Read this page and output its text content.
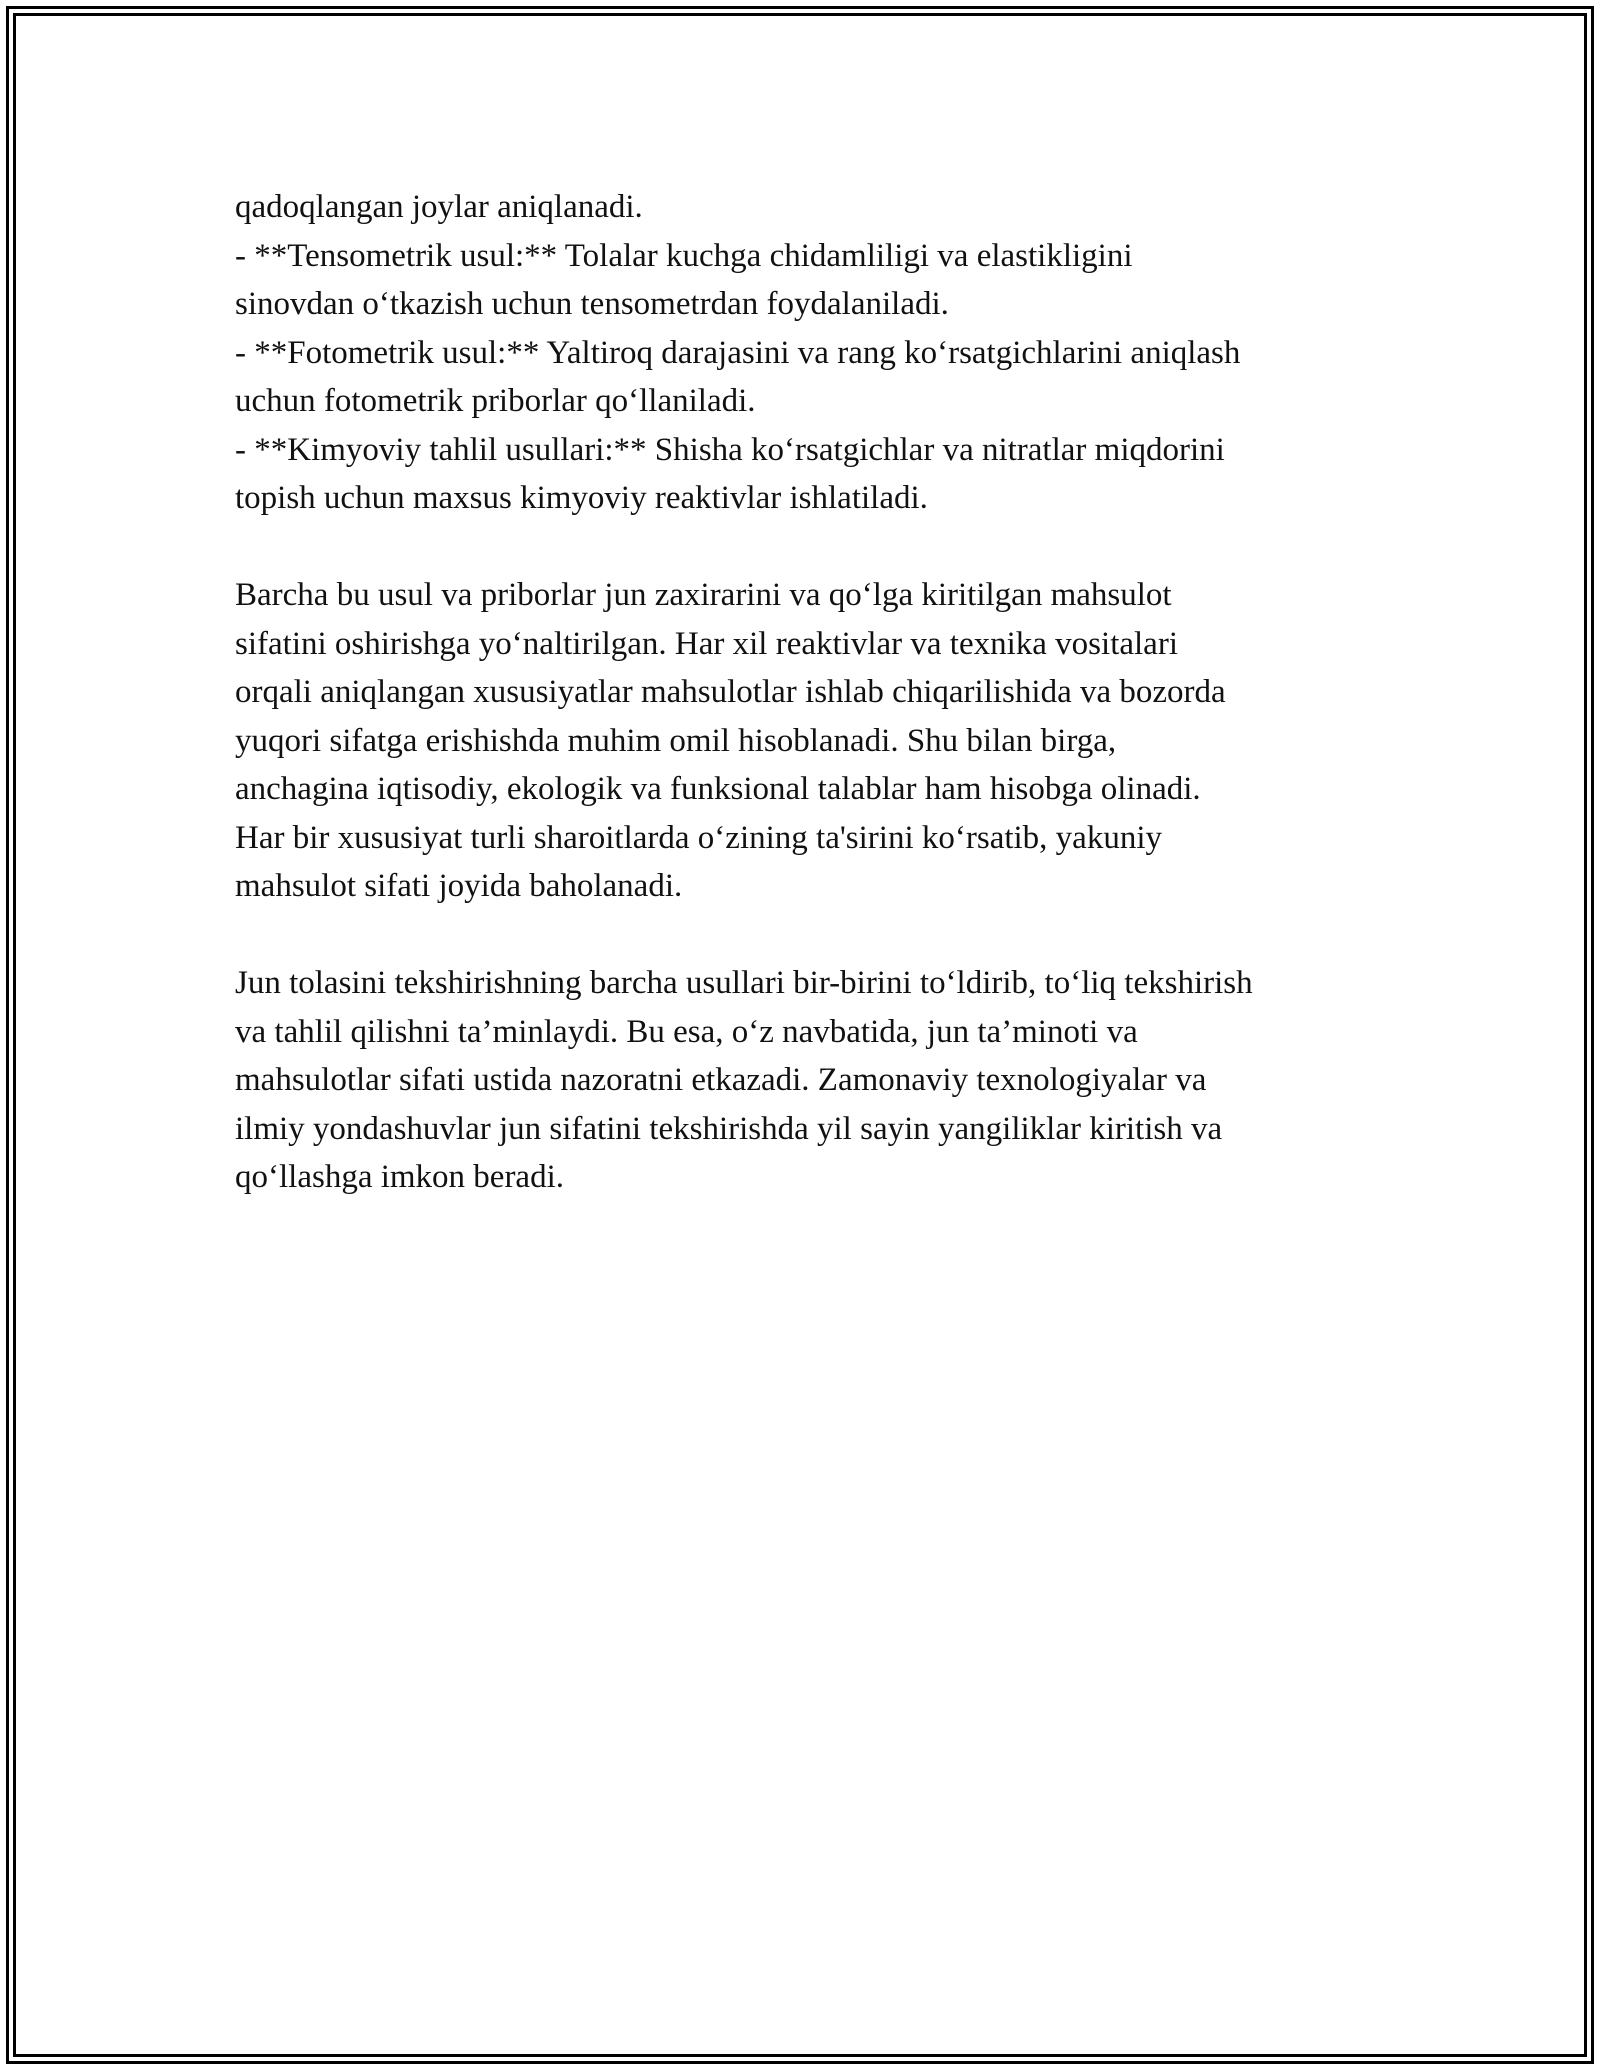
qadoqlangan joylar aniqlanadi.
- **Tensometrik usul:** Tolalar kuchga chidamliligi va elastikligini
sinovdan o‘tkazish uchun tensometrdan foydalaniladi.
- **Fotometrik usul:** Yaltiroq darajasini va rang ko‘rsatgichlarini aniqlash
uchun fotometrik priborlar qo‘llaniladi.
- **Kimyoviy tahlil usullari:** Shisha ko‘rsatgichlar va nitratlar miqdorini
topish uchun maxsus kimyoviy reaktivlar ishlatiladi.
Barcha bu usul va priborlar jun zaxirarini va qo‘lga kiritilgan mahsulot
sifatini oshirishga yo‘naltirilgan. Har xil reaktivlar va texnika vositalari
orqali aniqlangan xususiyatlar mahsulotlar ishlab chiqarilishida va bozorda
yuqori sifatga erishishda muhim omil hisoblanadi. Shu bilan birga,
anchagina iqtisodiy, ekologik va funksional talablar ham hisobga olinadi.
Har bir xususiyat turli sharoitlarda o‘zining ta'sirini ko‘rsatib, yakuniy
mahsulot sifati joyida baholanadi.
Jun tolasini tekshirishning barcha usullari bir-birini to‘ldirib, to‘liq tekshirish
va tahlil qilishni ta’minlaydi. Bu esa, o‘z navbatida, jun ta’minoti va
mahsulotlar sifati ustida nazoratni etkazadi. Zamonaviy texnologiyalar va
ilmiy yondashuvlar jun sifatini tekshirishda yil sayin yangiliklar kiritish va
qo‘llashga imkon beradi.
